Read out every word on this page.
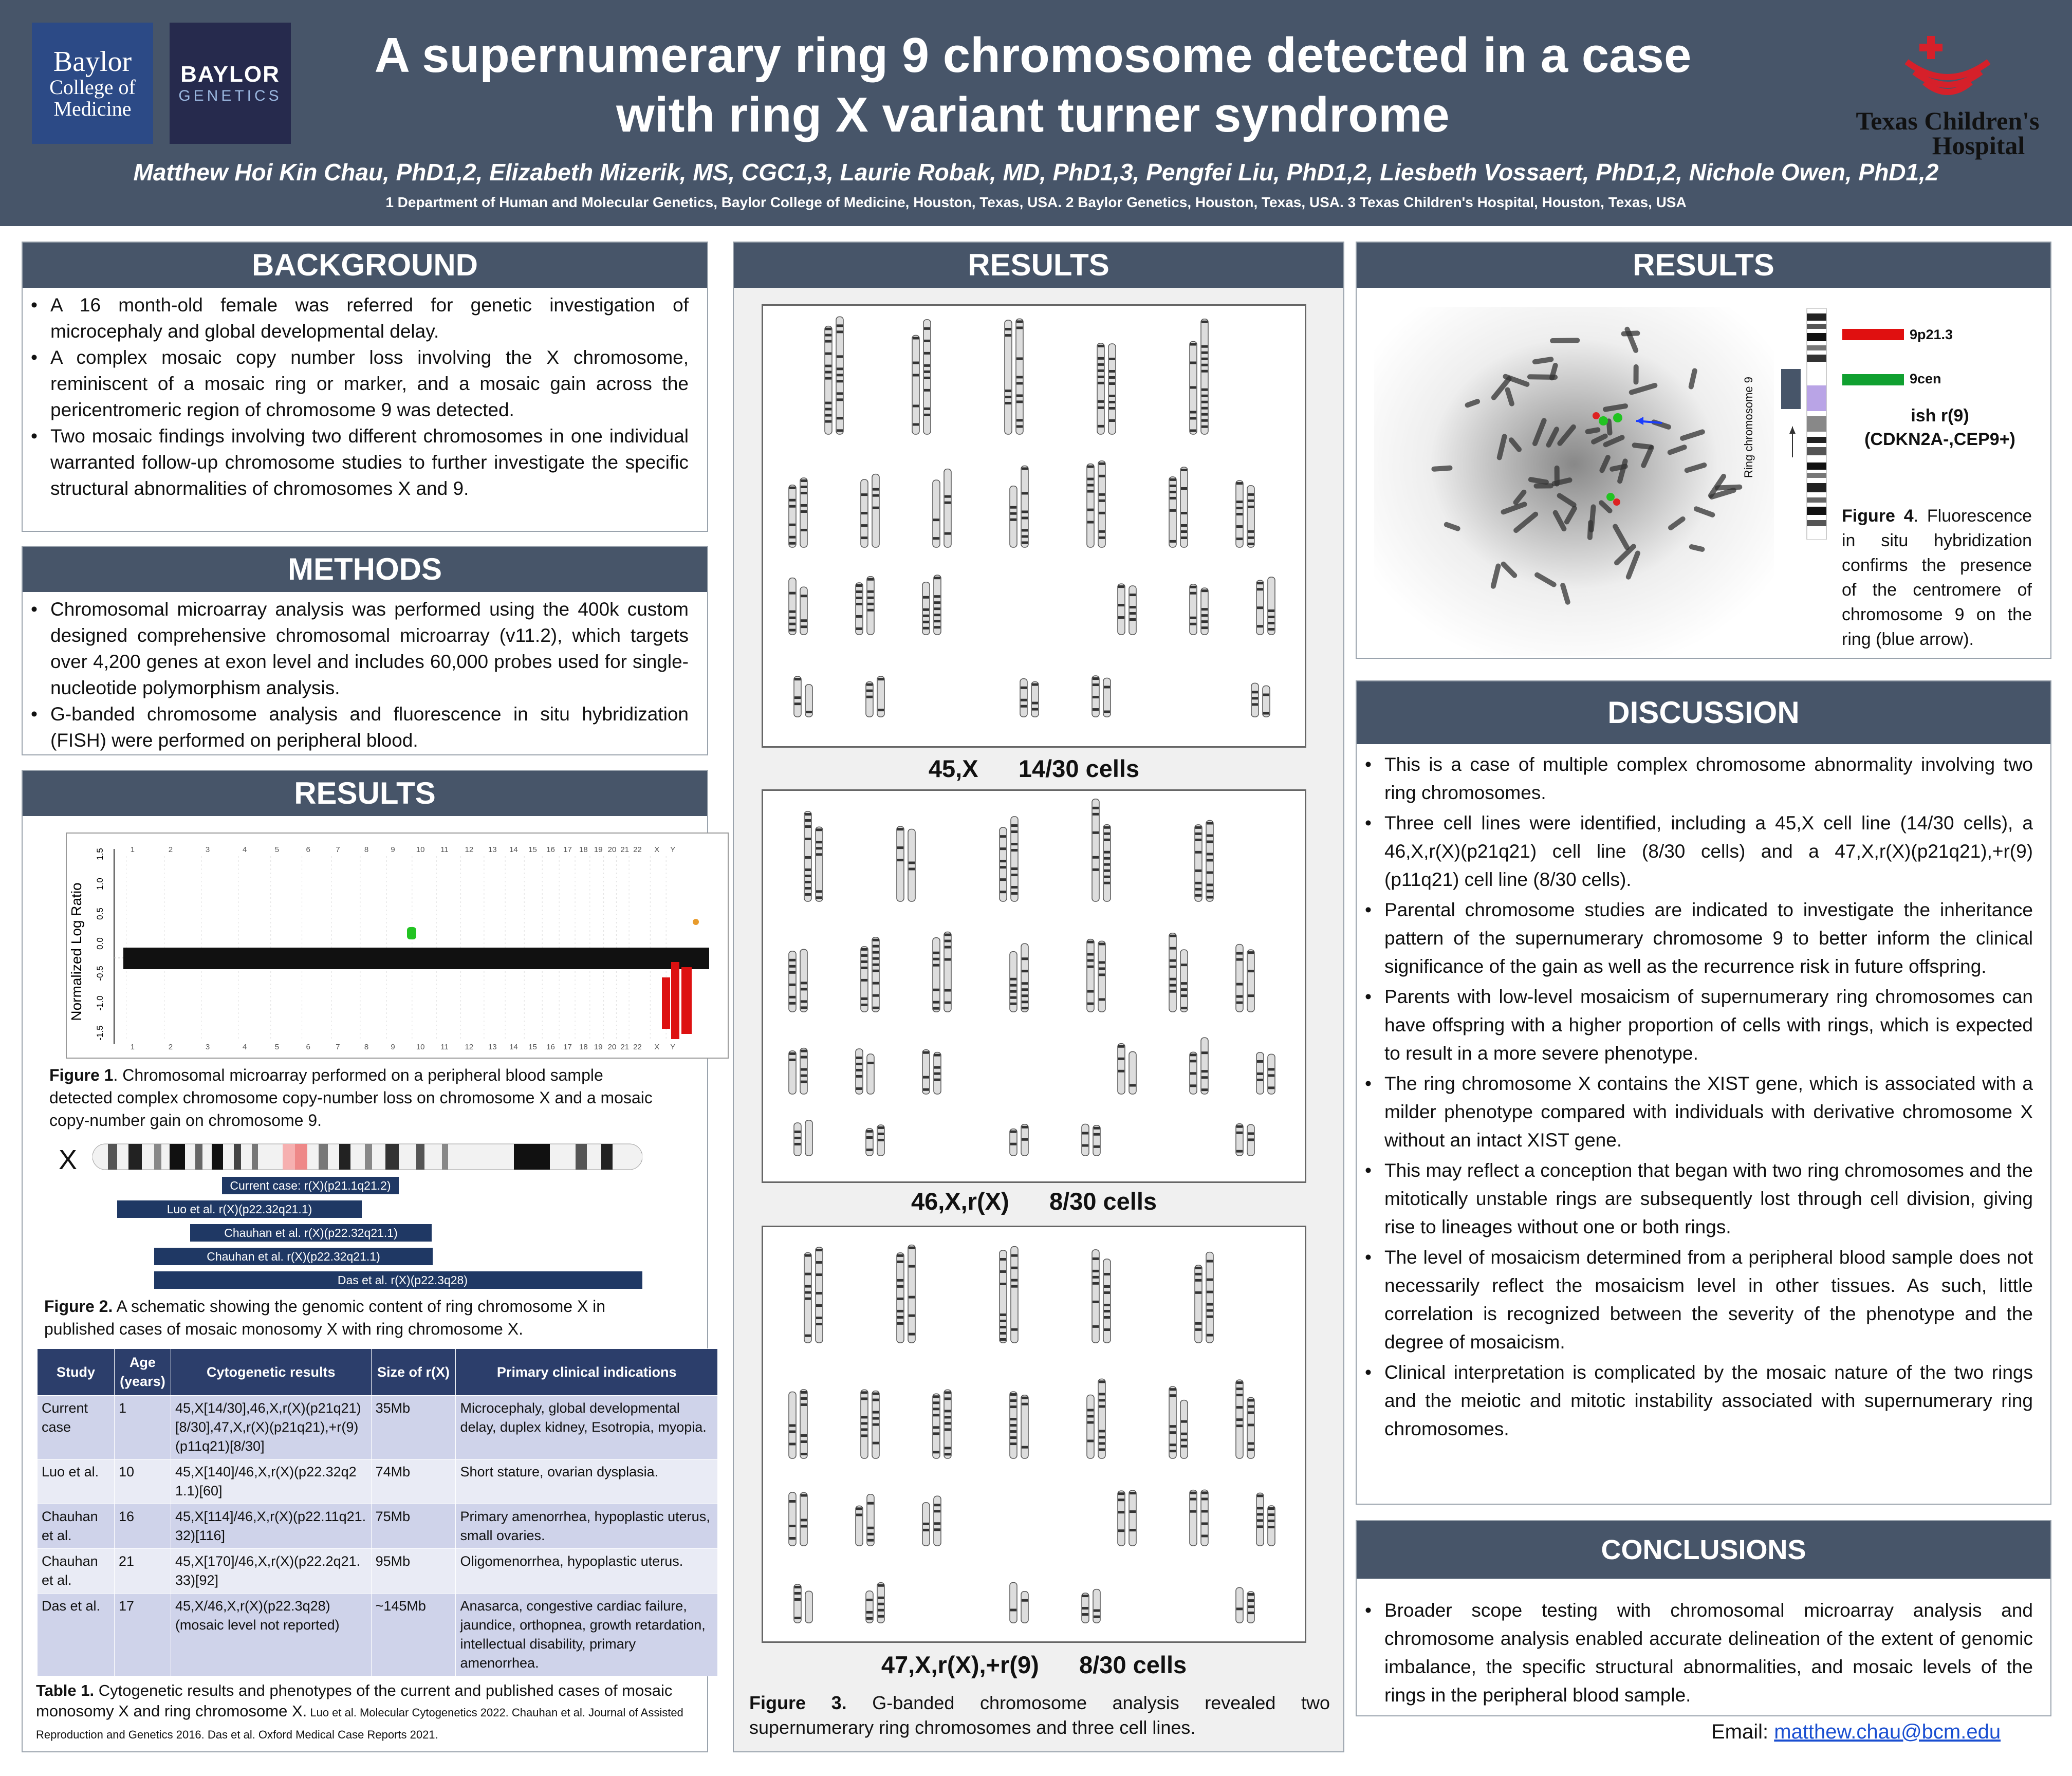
Baylor
College of
Medicine
BAYLOR
GENETICS
A supernumerary ring 9 chromosome detected in a case
with ring X variant turner syndrome
Matthew Hoi Kin Chau, PhD1,2, Elizabeth Mizerik, MS, CGC1,3, Laurie Robak, MD, PhD1,3, Pengfei Liu, PhD1,2, Liesbeth Vossaert, PhD1,2, Nichole Owen, PhD1,2
1 Department of Human and Molecular Genetics, Baylor College of Medicine, Houston, Texas, USA. 2 Baylor Genetics, Houston, Texas, USA. 3 Texas Children's Hospital, Houston, Texas, USA
Texas Children's
Hospital
BACKGROUND
• A 16 month-old female was referred for genetic investigation of microcephaly and global developmental delay.
• A complex mosaic copy number loss involving the X chromosome, reminiscent of a mosaic ring or marker, and a mosaic gain across the pericentromeric region of chromosome 9 was detected.
• Two mosaic findings involving two different chromosomes in one individual warranted follow-up chromosome studies to further investigate the specific structural abnormalities of chromosomes X and 9.
METHODS
• Chromosomal microarray analysis was performed using the 400k custom designed comprehensive chromosomal microarray (v11.2), which targets over 4,200 genes at exon level and includes 60,000 probes used for single-nucleotide polymorphism analysis.
• G-banded chromosome analysis and fluorescence in situ hybridization (FISH) were performed on peripheral blood.
RESULTS
Normalized Log Ratio
1.5
1.0
0.5
0.0
-0.5
-1.0
-1.5
1
1
2
2
3
3
4
4
5
5
6
6
7
7
8
8
9
9
10
10
11
11
12
12
13
13
14
14
15
15
16
16
17
17
18
18
19
19
20
20
21
21
22
22
X
X
Y
Y
Figure 1. Chromosomal microarray performed on a peripheral blood sample detected complex chromosome copy-number loss on chromosome X and a mosaic copy-number gain on chromosome 9.
X
Current case: r(X)(p21.1q21.2)
Luo et al. r(X)(p22.32q21.1)
Chauhan et al. r(X)(p22.32q21.1)
Chauhan et al. r(X)(p22.32q21.1)
Das et al. r(X)(p22.3q28)
Figure 2. A schematic showing the genomic content of ring chromosome X in published cases of mosaic monosomy X with ring chromosome X.
Study	Age (years)	Cytogenetic results	Size of r(X)	Primary clinical indications
Current case	1	45,X[14/30],46,X,r(X)(p21q21)[8/30],47,X,r(X)(p21q21),+r(9)(p11q21)[8/30]	35Mb	Microcephaly, global developmental delay, duplex kidney, Esotropia, myopia.
Luo et al.	10	45,X[140]/46,X,r(X)(p22.32q21.1)[60]	74Mb	Short stature, ovarian dysplasia.
Chauhan et al.	16	45,X[114]/46,X,r(X)(p22.11q21.32)[116]	75Mb	Primary amenorrhea, hypoplastic uterus, small ovaries.
Chauhan et al.	21	45,X[170]/46,X,r(X)(p22.2q21.33)[92]	95Mb	Oligomenorrhea, hypoplastic uterus.
Das et al.	17	45,X/46,X,r(X)(p22.3q28) (mosaic level not reported)	~145Mb	Anasarca, congestive cardiac failure, jaundice, orthopnea, growth retardation, intellectual disability, primary amenorrhea.
Table 1. Cytogenetic results and phenotypes of the current and published cases of mosaic monosomy X and ring chromosome X. Luo et al. Molecular Cytogenetics 2022. Chauhan et al. Journal of Assisted Reproduction and Genetics 2016. Das et al. Oxford Medical Case Reports 2021.
RESULTS
45,X 14/30 cells
46,X,r(X) 8/30 cells
47,X,r(X),+r(9) 8/30 cells
Figure 3. G-banded chromosome analysis revealed two supernumerary ring chromosomes and three cell lines.
RESULTS
Ring chromosome 9
9p21.3
9cen
ish r(9)
(CDKN2A-,CEP9+)
Figure 4. Fluorescence in situ hybridization confirms the presence of the centromere of chromosome 9 on the ring (blue arrow).
DISCUSSION
• This is a case of multiple complex chromosome abnormality involving two ring chromosomes.
• Three cell lines were identified, including a 45,X cell line (14/30 cells), a 46,X,r(X)(p21q21) cell line (8/30 cells) and a 47,X,r(X)(p21q21),+r(9)(p11q21) cell line (8/30 cells).
• Parental chromosome studies are indicated to investigate the inheritance pattern of the supernumerary chromosome 9 to better inform the clinical significance of the gain as well as the recurrence risk in future offspring.
• Parents with low-level mosaicism of supernumerary ring chromosomes can have offspring with a higher proportion of cells with rings, which is expected to result in a more severe phenotype.
• The ring chromosome X contains the XIST gene, which is associated with a milder phenotype compared with individuals with derivative chromosome X without an intact XIST gene.
• This may reflect a conception that began with two ring chromosomes and the mitotically unstable rings are subsequently lost through cell division, giving rise to lineages without one or both rings.
• The level of mosaicism determined from a peripheral blood sample does not necessarily reflect the mosaicism level in other tissues. As such, little correlation is recognized between the severity of the phenotype and the degree of mosaicism.
• Clinical interpretation is complicated by the mosaic nature of the two rings and the meiotic and mitotic instability associated with supernumerary ring chromosomes.
CONCLUSIONS
• Broader scope testing with chromosomal microarray analysis and chromosome analysis enabled accurate delineation of the extent of genomic imbalance, the specific structural abnormalities, and mosaic levels of the rings in the peripheral blood sample.
Email: matthew.chau@bcm.edu
